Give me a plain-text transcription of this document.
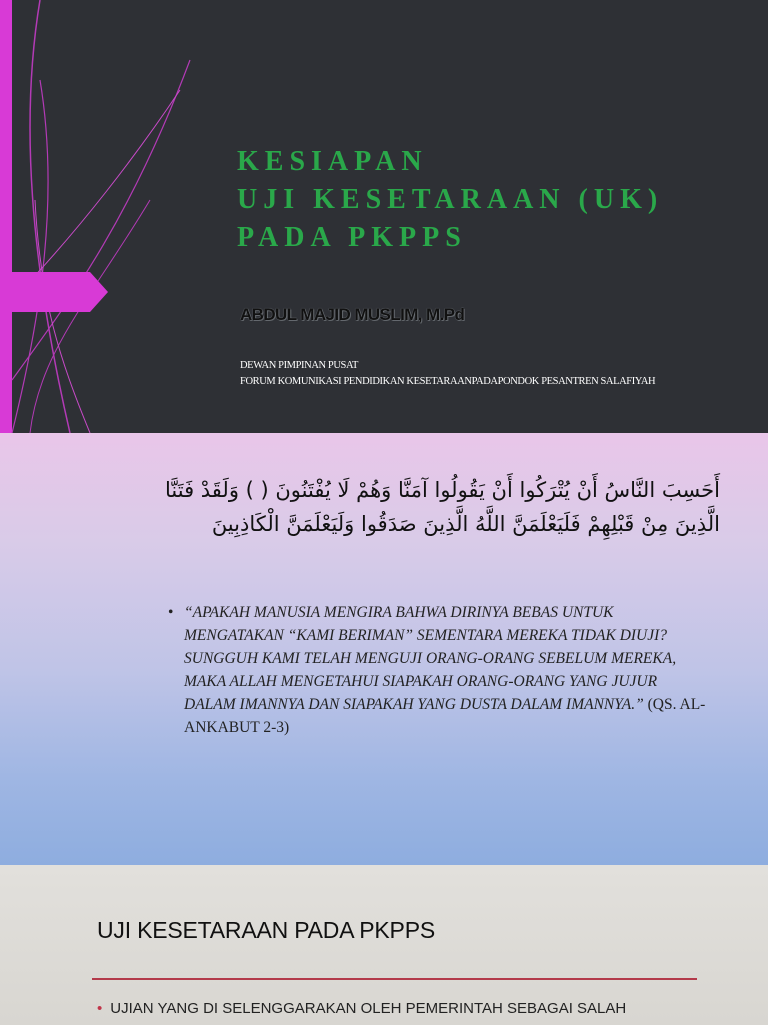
KESIAPAN
UJI KESETARAAN (UK)
PADA PKPPS
ABDUL MAJID MUSLIM, M.Pd
DEWAN PIMPINAN PUSAT
FORUM KOMUNIKASI PENDIDIKAN KESETARAANPADAPONDOK PESANTREN SALAFIYAH
أَحَسِبَ النَّاسُ أَنْ يُتْرَكُوا أَنْ يَقُولُوا آمَنَّا وَهُمْ لَا يُفْتَنُونَ ( ) وَلَقَدْ فَتَنَّا الَّذِينَ مِنْ قَبْلِهِمْ فَلَيَعْلَمَنَّ اللَّهُ الَّذِينَ صَدَقُوا وَلَيَعْلَمَنَّ الْكَاذِبِينَ
• “APAKAH MANUSIA MENGIRA BAHWA DIRINYA BEBAS UNTUK MENGATAKAN “KAMI BERIMAN” SEMENTARA MEREKA TIDAK DIUJI? SUNGGUH KAMI TELAH MENGUJI ORANG-ORANG SEBELUM MEREKA, MAKA ALLAH MENGETAHUI SIAPAKAH ORANG-ORANG YANG JUJUR DALAM IMANNYA DAN SIAPAKAH YANG DUSTA DALAM IMANNYA.” (QS. AL-ANKABUT 2-3)
UJI KESETARAAN PADA PKPPS
• UJIAN YANG DI SELENGGARAKAN OLEH PEMERINTAH SEBAGAI SALAH
